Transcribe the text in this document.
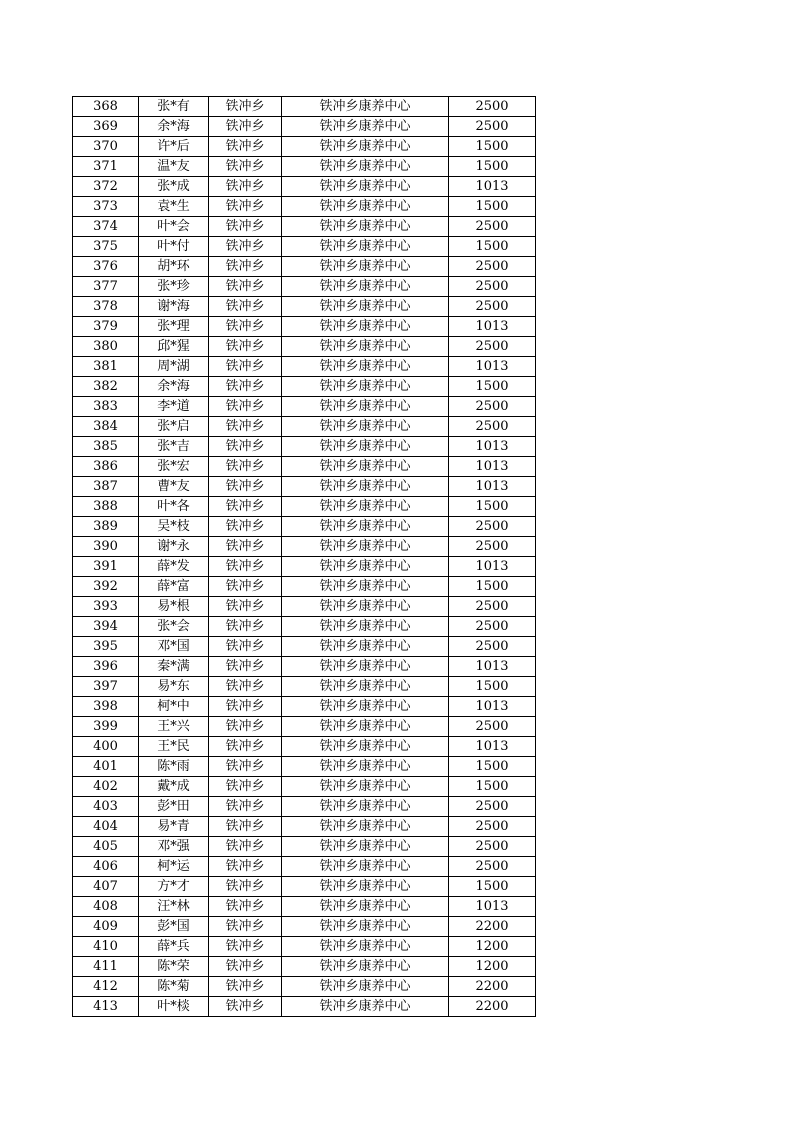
368	张*有	铁冲乡	铁冲乡康养中心	2500
369	余*海	铁冲乡	铁冲乡康养中心	2500
370	许*后	铁冲乡	铁冲乡康养中心	1500
371	温*友	铁冲乡	铁冲乡康养中心	1500
372	张*成	铁冲乡	铁冲乡康养中心	1013
373	袁*生	铁冲乡	铁冲乡康养中心	1500
374	叶*会	铁冲乡	铁冲乡康养中心	2500
375	叶*付	铁冲乡	铁冲乡康养中心	1500
376	胡*环	铁冲乡	铁冲乡康养中心	2500
377	张*珍	铁冲乡	铁冲乡康养中心	2500
378	谢*海	铁冲乡	铁冲乡康养中心	2500
379	张*理	铁冲乡	铁冲乡康养中心	1013
380	邱*猩	铁冲乡	铁冲乡康养中心	2500
381	周*湖	铁冲乡	铁冲乡康养中心	1013
382	余*海	铁冲乡	铁冲乡康养中心	1500
383	李*道	铁冲乡	铁冲乡康养中心	2500
384	张*启	铁冲乡	铁冲乡康养中心	2500
385	张*吉	铁冲乡	铁冲乡康养中心	1013
386	张*宏	铁冲乡	铁冲乡康养中心	1013
387	曹*友	铁冲乡	铁冲乡康养中心	1013
388	叶*各	铁冲乡	铁冲乡康养中心	1500
389	吴*枝	铁冲乡	铁冲乡康养中心	2500
390	谢*永	铁冲乡	铁冲乡康养中心	2500
391	薛*发	铁冲乡	铁冲乡康养中心	1013
392	薛*富	铁冲乡	铁冲乡康养中心	1500
393	易*根	铁冲乡	铁冲乡康养中心	2500
394	张*会	铁冲乡	铁冲乡康养中心	2500
395	邓*国	铁冲乡	铁冲乡康养中心	2500
396	秦*满	铁冲乡	铁冲乡康养中心	1013
397	易*东	铁冲乡	铁冲乡康养中心	1500
398	柯*中	铁冲乡	铁冲乡康养中心	1013
399	王*兴	铁冲乡	铁冲乡康养中心	2500
400	王*民	铁冲乡	铁冲乡康养中心	1013
401	陈*雨	铁冲乡	铁冲乡康养中心	1500
402	戴*成	铁冲乡	铁冲乡康养中心	1500
403	彭*田	铁冲乡	铁冲乡康养中心	2500
404	易*青	铁冲乡	铁冲乡康养中心	2500
405	邓*强	铁冲乡	铁冲乡康养中心	2500
406	柯*运	铁冲乡	铁冲乡康养中心	2500
407	方*才	铁冲乡	铁冲乡康养中心	1500
408	汪*林	铁冲乡	铁冲乡康养中心	1013
409	彭*国	铁冲乡	铁冲乡康养中心	2200
410	薛*兵	铁冲乡	铁冲乡康养中心	1200
411	陈*荣	铁冲乡	铁冲乡康养中心	1200
412	陈*菊	铁冲乡	铁冲乡康养中心	2200
413	叶*棪	铁冲乡	铁冲乡康养中心	2200
